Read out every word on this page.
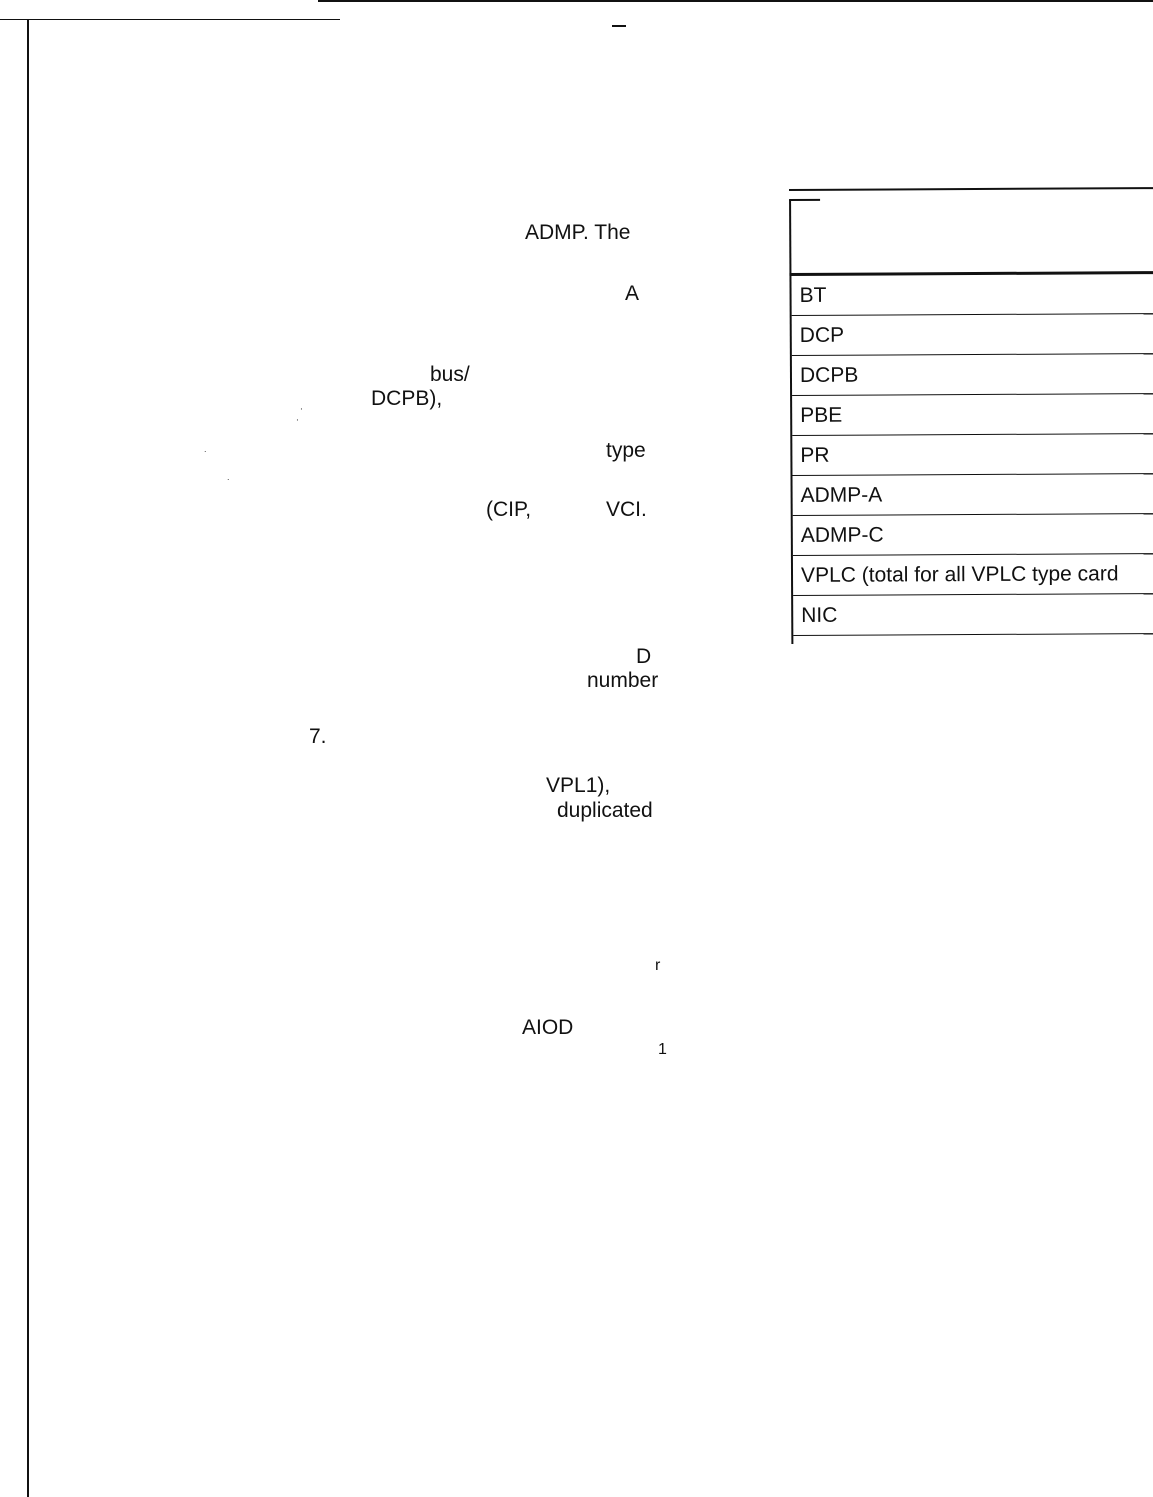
ADMP. The
A
bus/
DCPB),
type
(CIP,	VCI.
D
number
7.
VPL1),
duplicated
r
AIOD
1
·
·
˙
˙
BT
DCP
DCPB
PBE
PR
ADMP-A
ADMP-C
VPLC (total for all VPLC type card
NIC
